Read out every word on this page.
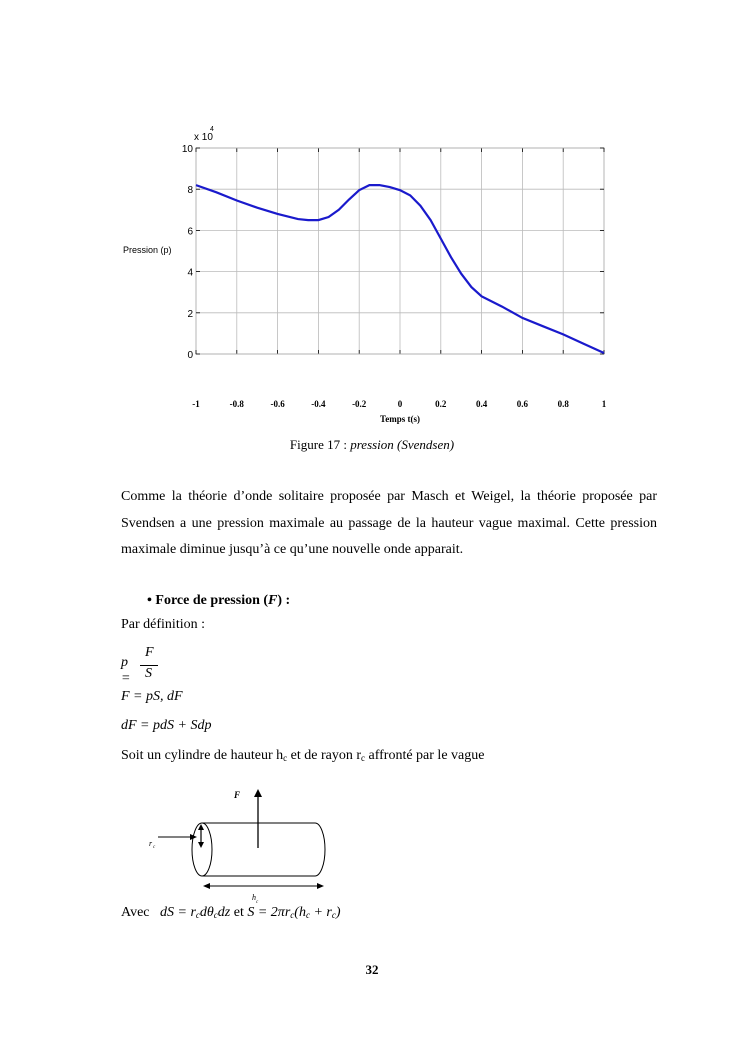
0
2
4
6
8
10
-1	-0.8	-0.6	-0.4	-0.2	0	0.2	0.4	0.6	0.8	1
x 10
4
Pression (p)
Temps t(s)
Figure 17 : pression (Svendsen)
Comme la théorie d’onde solitaire proposée par Masch et Weigel, la théorie proposée par Svendsen a une pression maximale au passage de la hauteur vague maximal. Cette pression maximale diminue jusqu’à ce qu’une nouvelle onde apparait.
• Force de pression (F) :
Par définition :
p =
F
S
F = pS, dF
dF = pdS + Sdp
Soit un cylindre de hauteur $h_c$ et de rayon $r_c$ affronté par le vague
F
r c
h
c
Avec dS = $r_cd\theta_cdz$ et $S = 2\pi r_c(h_c + r_c)$
32
